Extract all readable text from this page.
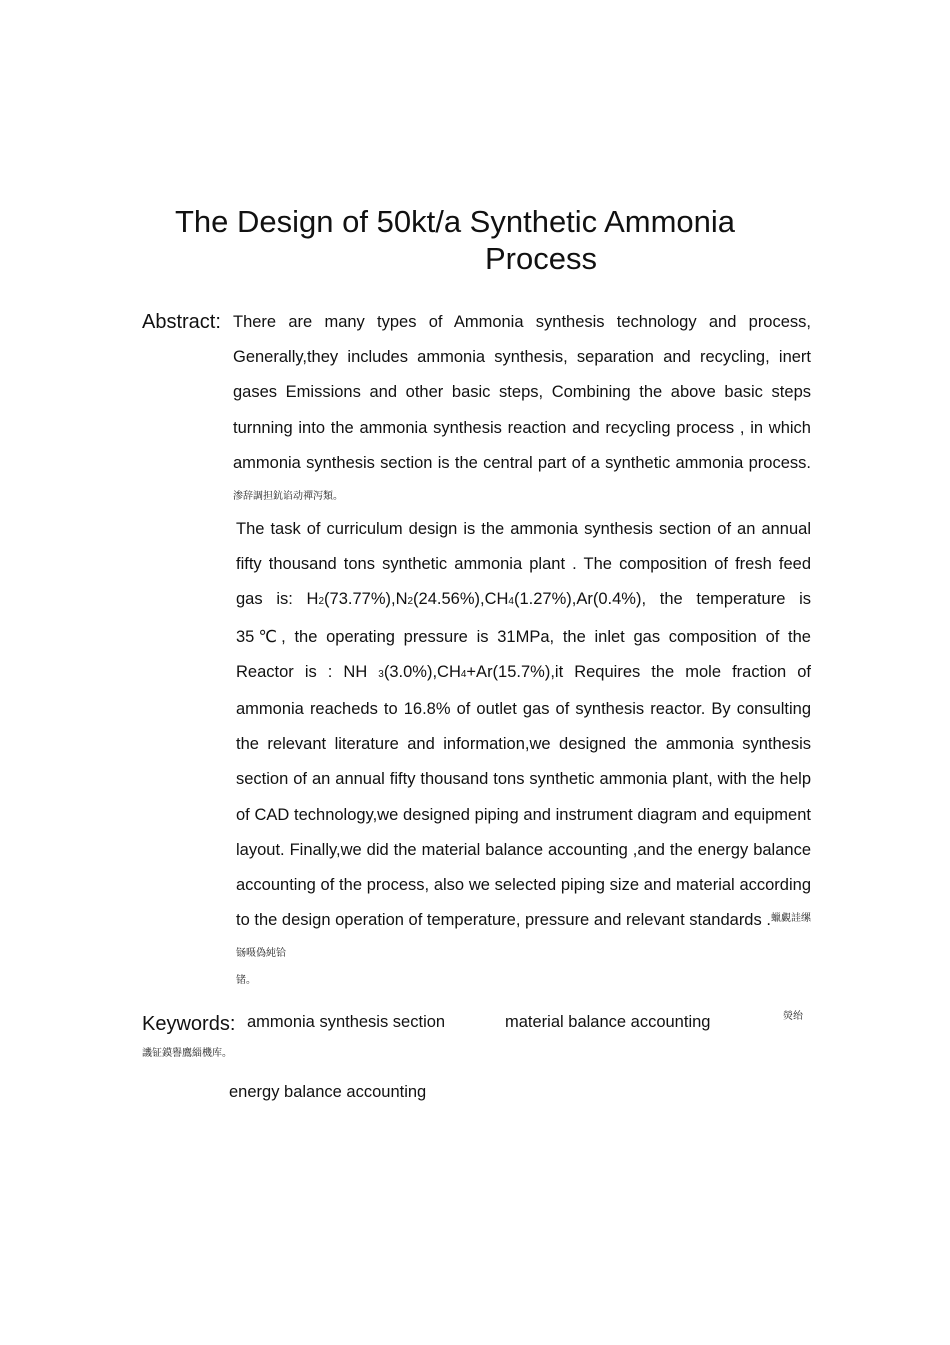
The Design of 50kt/a Synthetic Ammonia
Process
Abstract: There are many types of Ammonia synthesis technology and process, Generally,they includes ammonia synthesis, separation and recycling, inert gases Emissions and other basic steps, Combining the above basic steps turnning into the ammonia synthesis reaction and recycling process , in which ammonia synthesis section is the central part of a synthetic ammonia process.$^{渗辞調担鈧谄动禪泻類。}$

The task of curriculum design is the ammonia synthesis section of an annual fifty thousand tons synthetic ammonia plant . The composition of fresh feed gas is: H2(73.77%),N2(24.56%),CH4(1.27%),Ar(0.4%), the temperature is 35℃, the operating pressure is 31MPa, the inlet gas composition of the Reactor is : NH 3(3.0%),CH4+Ar(15.7%),it Requires the mole fraction of ammonia reacheds to 16.8% of outlet gas of synthesis reactor. By consulting the relevant literature and information,we designed the ammonia synthesis section of an annual fifty thousand tons synthetic ammonia plant, with the help of CAD technology,we designed piping and instrument diagram and equipment layout. Finally,we did the material balance accounting ,and the energy balance accounting of the process, also we selected piping size and material according to the design operation of temperature, pressure and relevant standards .$^{蠟覷詿缧铴嗫偽純铪}$

锗。
Keywords: ammonia synthesis section	material balance accounting	熒绐
譏钲鏌譽鷹緇機库。
energy balance accounting
